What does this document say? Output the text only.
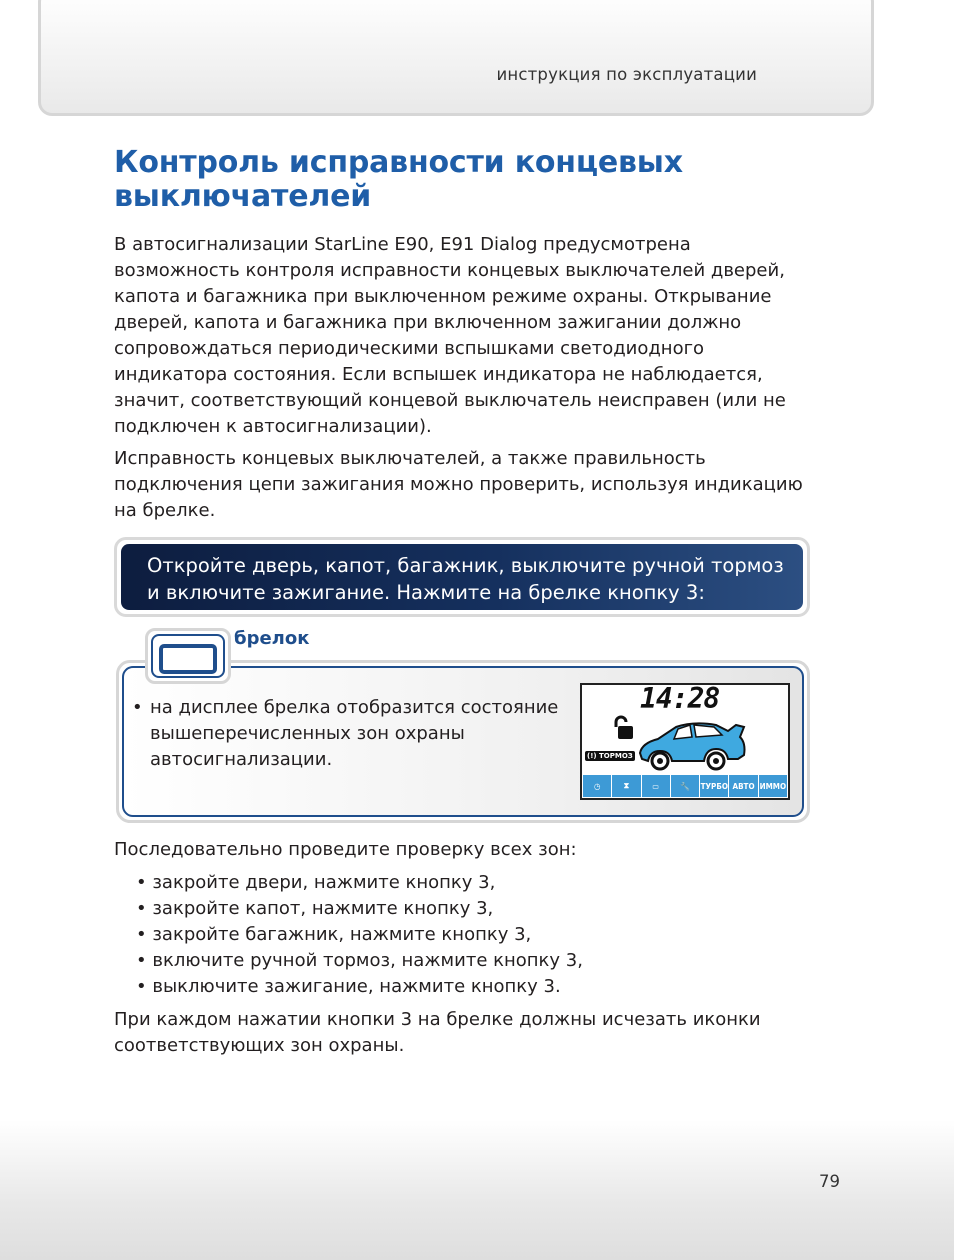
инструкция по эксплуатации
Контроль исправности концевых выключателей

В автосигнализации StarLine E90, E91 Dialog предусмотрена возможность контроля исправности концевых выключателей дверей, капота и багажника при выключенном режиме охраны. Открывание дверей, капота и багажника при включенном зажигании должно сопровождаться периодическими вспышками светодиодного индикатора состояния. Если вспышек индикатора не наблюдается, значит, соответствующий концевой выключатель неисправен (или не подключен к автосигнализации).

Исправность концевых выключателей, а также правильность подключения цепи зажигания можно проверить, используя индикацию на брелке.

Откройте дверь, капот, багажник, выключите ручной тормоз
и включите зажигание. Нажмите на брелке кнопку 3:
брелок
• на дисплее брелка отобразится состояние вышеперечисленных зон охраны автосигнализации.
14:28
(!) ТОРМОЗ
◷	⧗	▭	🔧	ТУРБО АВТО ИММО

Последовательно проведите проверку всех зон:

• закройте двери, нажмите кнопку 3,
• закройте капот, нажмите кнопку 3,
• закройте багажник, нажмите кнопку 3,
• включите ручной тормоз, нажмите кнопку 3,
• выключите зажигание, нажмите кнопку 3.

При каждом нажатии кнопки 3 на брелке должны исчезать иконки соответствующих зон охраны.

79
